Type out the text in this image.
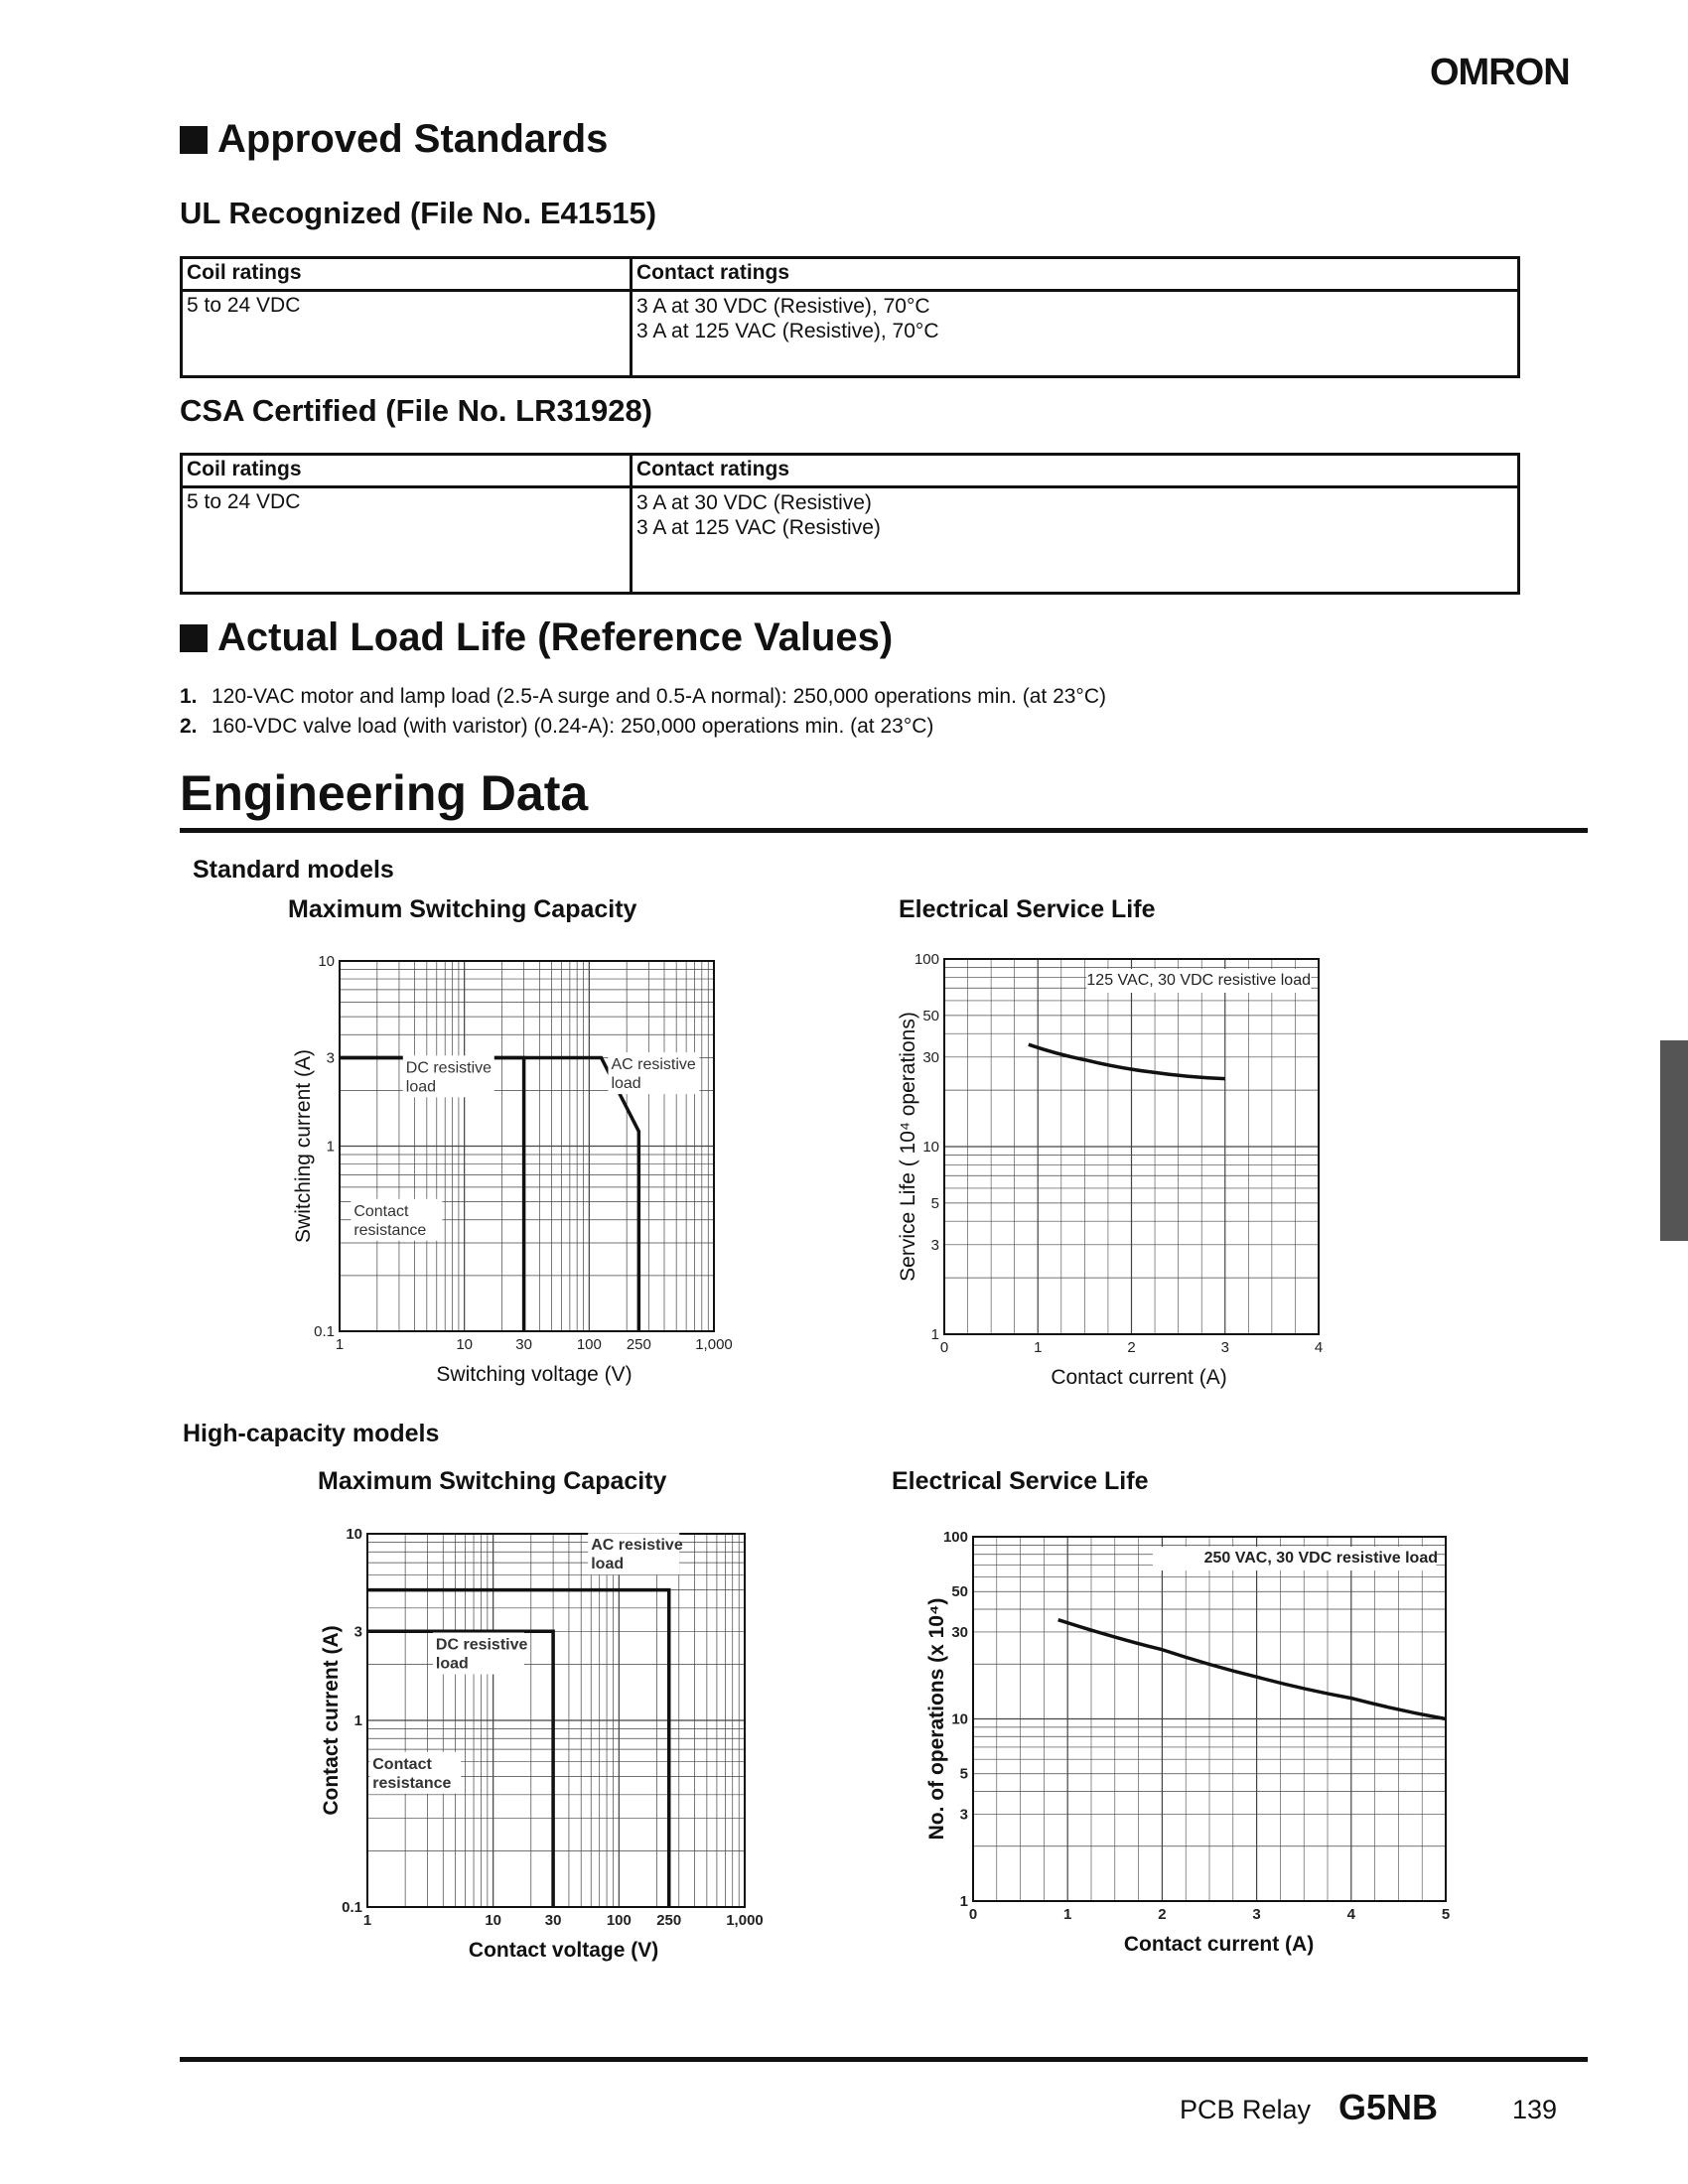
OMRON
Approved Standards
UL Recognized (File No. E41515)
Coil ratings	Contact ratings
5 to 24 VDC	3 A at 30 VDC (Resistive), 70°C
3 A at 125 VAC (Resistive), 70°C
CSA Certified (File No. LR31928)
Coil ratings	Contact ratings
5 to 24 VDC	3 A at 30 VDC (Resistive)
3 A at 125 VAC (Resistive)
Actual Load Life (Reference Values)
1. 120-VAC motor and lamp load (2.5-A surge and 0.5-A normal): 250,000 operations min. (at 23°C)
2. 160-VDC valve load (with varistor) (0.24-A): 250,000 operations min. (at 23°C)
Engineering Data
Standard models
High-capacity models
Maximum Switching Capacity	Electrical Service Life
Maximum Switching Capacity	Electrical Service Life
1	10	30	100 250	1,000
10
3
1
0.1
Switching voltage (V)
Switching current (A)	DC resistive
load
AC resistive
load
Contact
resistance
0	1	2	3	4
100
50
30
10
5
3
1
Contact current (A)
Service Life ( 10⁴ operations)
125 VAC, 30 VDC resistive load
1	10	30	100 250	1,000
10
3
1
0.1
Contact voltage (V)
Contact current (A)
AC resistive
load
DC resistive
load
Contact
resistance
0	1	2	3	4	5
100
50
30
10
5
3
1
Contact current (A)
No. of operations (x 10⁴)
250 VAC, 30 VDC resistive load
PCB Relay G5NB	139
